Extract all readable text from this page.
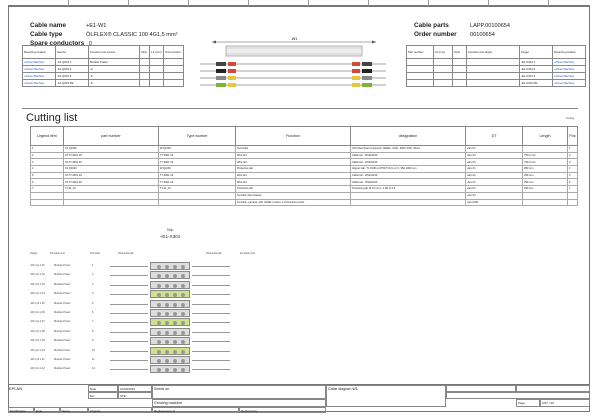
Cable name	+E1-W1
Cable type	ÖLFLEX® CLASSIC 100 4G1,5 mm²
Spare conductors 0
Cable parts	LAPP.00100654
Order number 00100654
Mounting location	Source	Function text source	Strip.	L1 (mm)	Part number
+Panel Machine	-K1.Q001:1	Module Power			
+Panel Machine	-K1.Q001:3	-K			
+Panel Machine	-K1.Q001:5	-K			
+Panel Machine	-K1.Q001:PE	-K			
-W1
Part number	L2 (mm)	Strip.	Function text target	Target	Mounting location
				-E1-X301:1	+Panel Machine
				-E1-X301:2	+Panel Machine
				-E1-X301:3	+Panel Machine
				-E1-X301:PE	+Panel Machine
Cutting list	Cutting
Legend item	part number	Type number	Function	designation	DT	Length	Pos
1	K1.Q1000	W.Q1000	Terminals	UNI 1/terminal connection, NEMA, 100A, 600V ASN, 30mm	+E1-X1		1
2	AT.TY.4001.1S	TY.4001.1S	Wire ferr.	Cable ferr. 15x40x150	+E1-X1	750.0 mm	2
3	AT.TY.4001.1S	TY.4001.1S	Wire ferr.	Cable ferr. 15x40x150	+E1-X1	750.0 mm	3
4	K1.Q1000	W.Q1000	Protective tab	Aligner cab. T1 1500 to 0750 T10 Cu 1 K. 35A 1000 mm	+E1-X1	350 mm	4
5	AT.TY.4001.1S	TY.4001.1S	Wire ferr.	Cable ferr. 15x40x150	+E1-X1	350 mm	5
6	AT.TY.4001.1S	TY.4001.1S	Wire ferr.	Cable ferr. 15x40x150	+E1-X1	350 mm	6
7	T1.W_13	T1.W_13	Protective tab	Protecting tab W 16 mm L 1 PE H 3.5 .	+E1-X1	350 mm	7
			Function strip listener		+E1-X1		
			Function, general, with middle contact, 2 connection points		+E1-X301		
Strip
+E1-X301
Target	Function text	Terminal	Device/length	Device/length	Function text
-W1.Q1.1.31	Module Power	1
-W1.Q1.1.32	Module Power	2
-W1.Q1.1.33	Module Power	3
-W1.Q1.1.34	Module Power	4
-W1.Q1.1.35	Module Power	5
-W1.Q1.1.36	Module Power	6
-W1.Q1.1.37	Module Power	7
-W1.Q1.1.38	Module Power	8
-W1.Q1.1.39	Module Power	9
-W1.Q1.1.40	Module Power	10
-W1.Q1.1.41	Module Power	11
-W1.Q1.1.42	Module Power	12
EPLAN	Date	10/03/2023
Ed.	STE
Seeds on
Grinding machine
Cable diagram W1
Modification	Date	Name	Original	Replacement of	Replaced by
Page	ANT / 20
